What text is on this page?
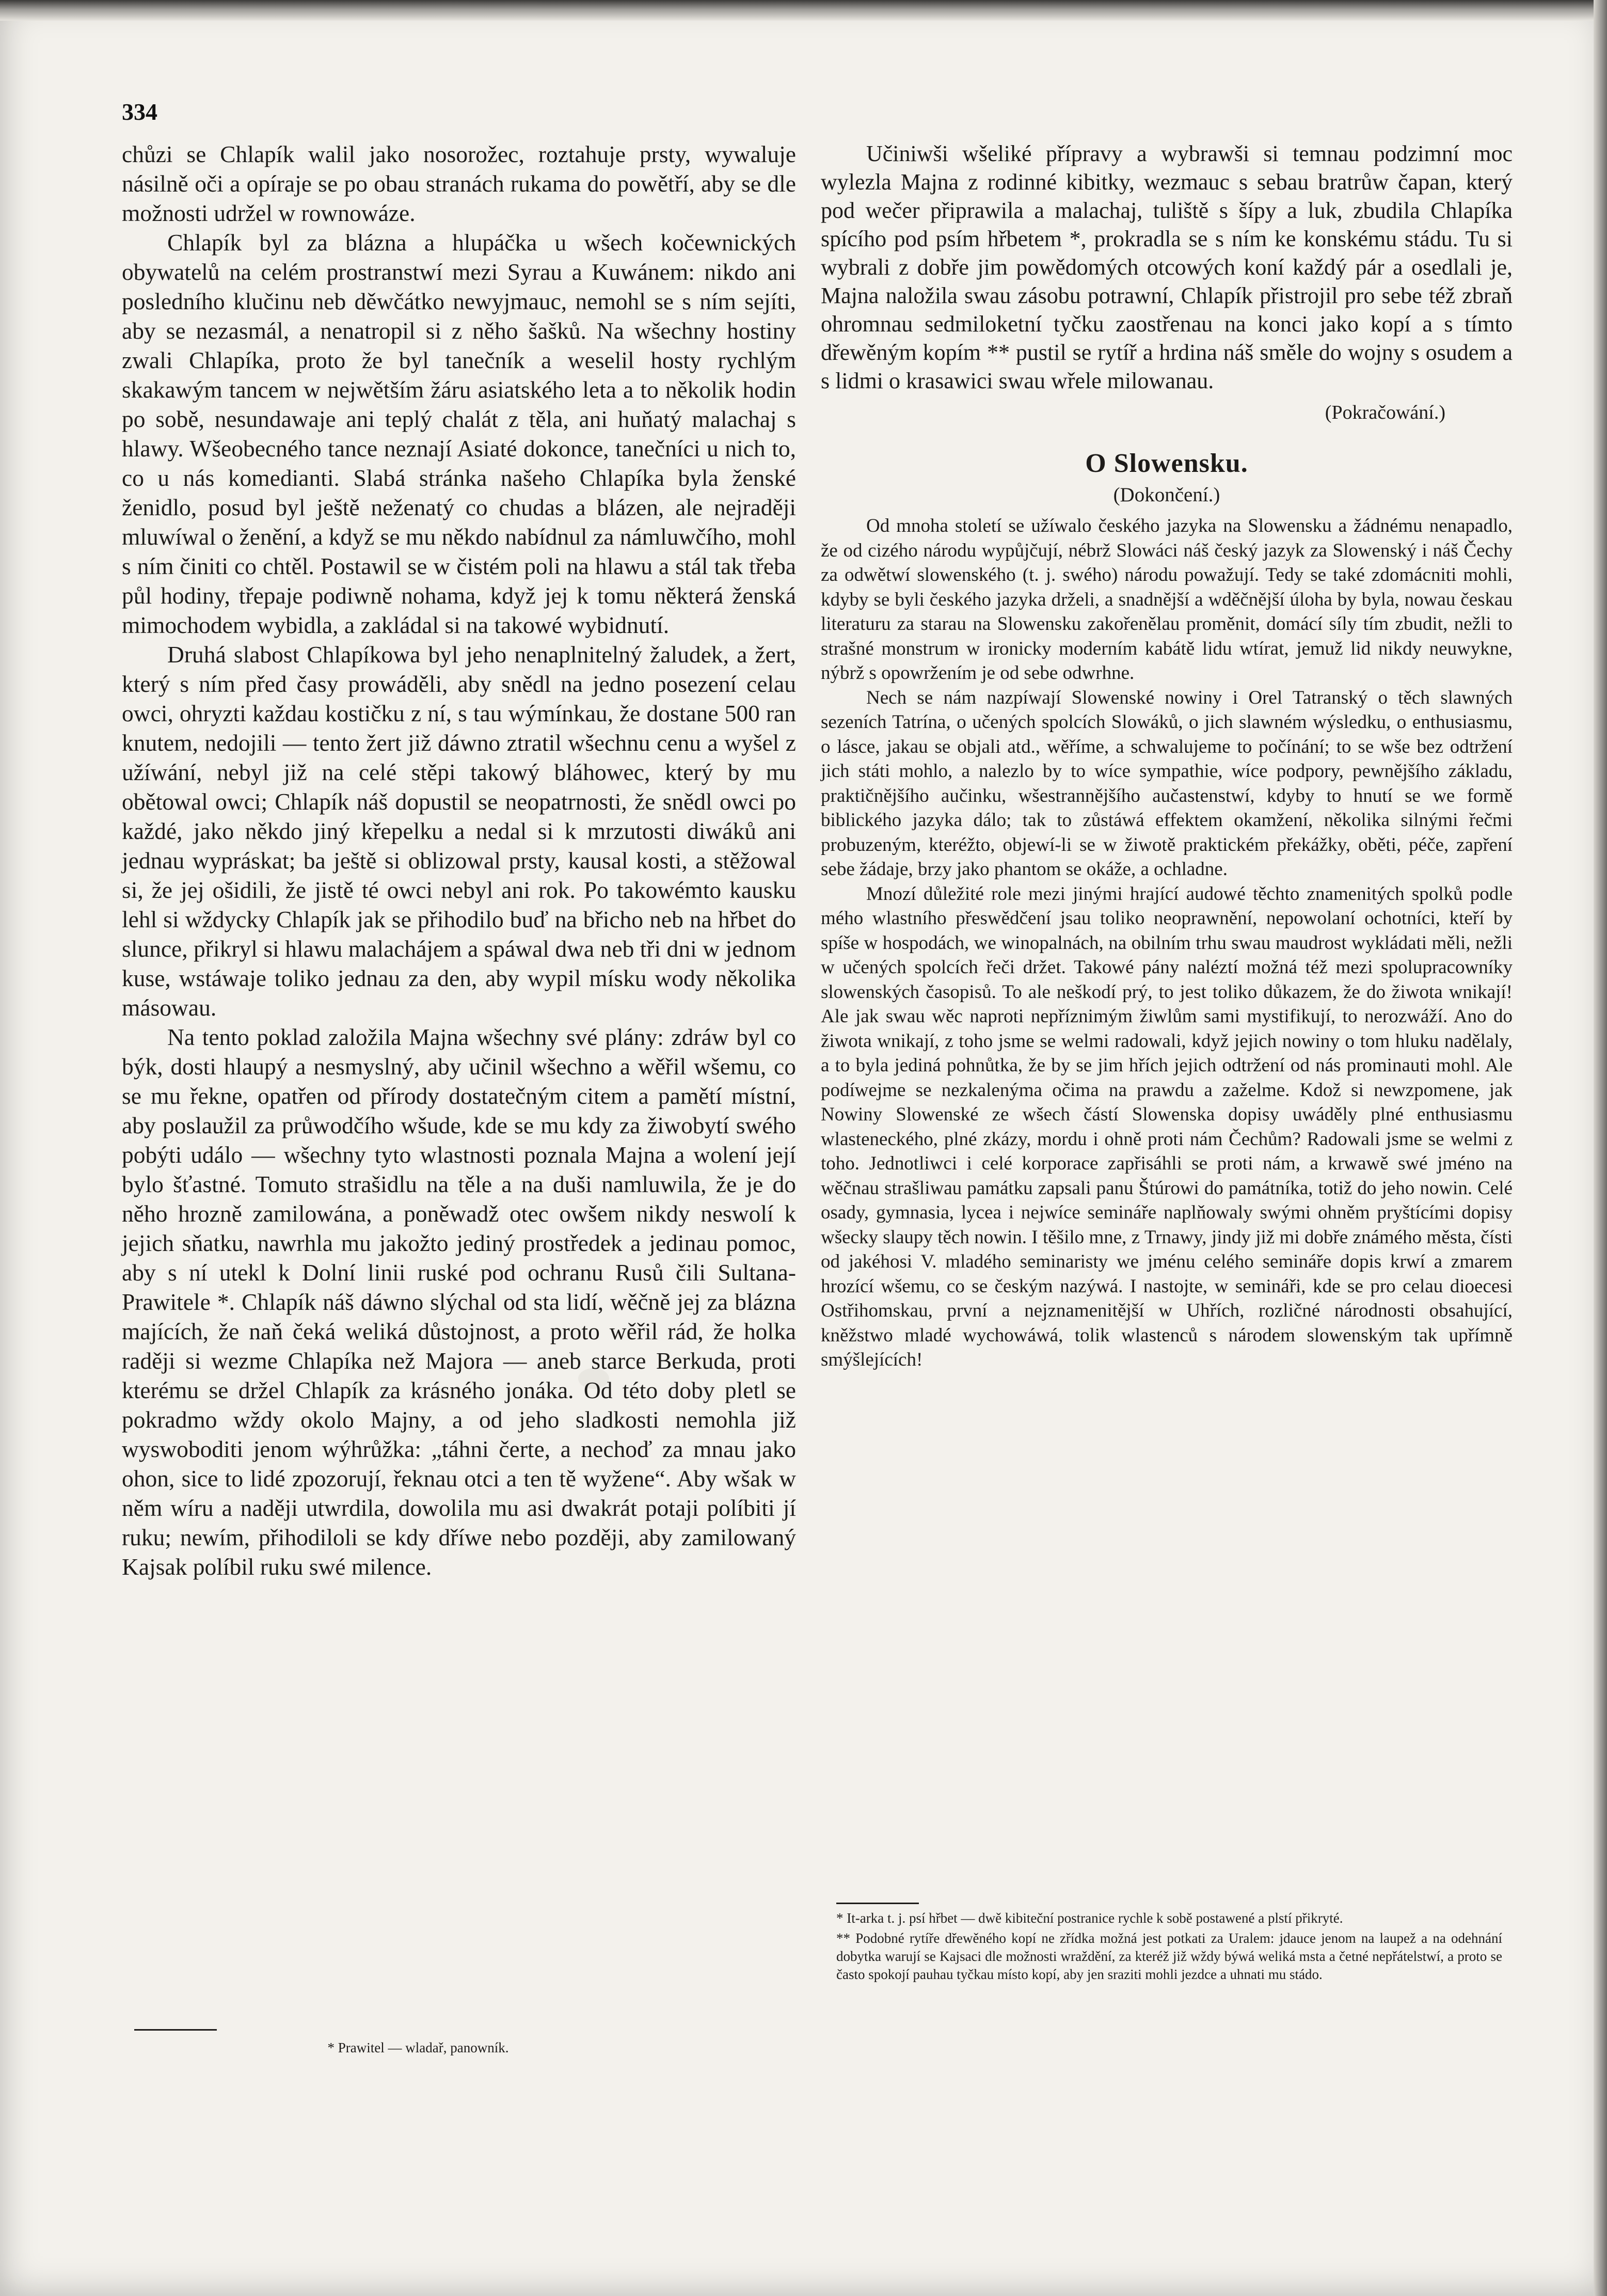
334

chůzi se Chlapík walil jako nosorožec, roztahuje prsty, wywaluje násilně oči a opíraje se po obau stranách rukama do powětří, aby se dle možnosti udržel w rownowáze.

Chlapík byl za blázna a hlupáčka u wšech kočewnických obywatelů na celém prostranstwí mezi Syrau a Kuwánem: nikdo ani posledního klučinu neb děwčátko newyjmauc, nemohl se s ním sejíti, aby se nezasmál, a nenatropil si z něho šašků. Na wšechny hostiny zwali Chlapíka, proto že byl tanečník a weselil hosty rychlým skakawým tancem w nejwětším žáru asiatského leta a to několik hodin po sobě, nesundawaje ani teplý chalát z těla, ani huňatý malachaj s hlawy. Wšeobecného tance neznají Asiaté dokonce, tanečníci u nich to, co u nás komedianti. Slabá stránka našeho Chlapíka byla ženské ženidlo, posud byl ještě neženatý co chudas a blázen, ale nejraději mluwíwal o ženění, a když se mu někdo nabídnul za námluwčího, mohl s ním činiti co chtěl. Postawil se w čistém poli na hlawu a stál tak třeba půl hodiny, třepaje podiwně nohama, když jej k tomu některá ženská mimochodem wybidla, a zakládal si na takowé wybidnutí.

Druhá slabost Chlapíkowa byl jeho nenaplnitelný žaludek, a žert, který s ním před časy prowáděli, aby snědl na jedno posezení celau owci, ohryzti každau kostičku z ní, s tau wýmínkau, že dostane 500 ran knutem, nedojili — tento žert již dáwno ztratil wšechnu cenu a wyšel z užíwání, nebyl již na celé stěpi takowý bláhowec, který by mu obětowal owci; Chlapík náš dopustil se neopatrnosti, že snědl owci po každé, jako někdo jiný křepelku a nedal si k mrzutosti diwáků ani jednau wypráskat; ba ještě si oblizowal prsty, kausal kosti, a stěžowal si, že jej ošidili, že jistě té owci nebyl ani rok. Po takowémto kausku lehl si wždycky Chlapík jak se přihodilo buď na břicho neb na hřbet do slunce, přikryl si hlawu malachájem a spáwal dwa neb tři dni w jednom kuse, wstáwaje toliko jednau za den, aby wypil mísku wody několika másowau.

Na tento poklad založila Majna wšechny své plány: zdráw byl co býk, dosti hlaupý a nesmyslný, aby učinil wšechno a wěřil wšemu, co se mu řekne, opatřen od přírody dostatečným citem a pamětí místní, aby poslaužil za průwodčího wšude, kde se mu kdy za žiwobytí swého pobýti událo — wšechny tyto wlastnosti poznala Majna a wolení její bylo šťastné. Tomuto strašidlu na těle a na duši namluwila, že je do něho hrozně zamilowána, a poněwadž otec owšem nikdy neswolí k jejich sňatku, nawrhla mu jakožto jediný prostředek a jedinau pomoc, aby s ní utekl k Dolní linii ruské pod ochranu Rusů čili Sultana-Prawitele *. Chlapík náš dáwno slýchal od sta lidí, wěčně jej za blázna majících, že naň čeká weliká důstojnost, a proto wěřil rád, že holka raději si wezme Chlapíka než Majora — aneb starce Berkuda, proti kterému se držel Chlapík za krásného jonáka. Od této doby pletl se pokradmo wždy okolo Majny, a od jeho sladkosti nemohla již wyswoboditi jenom wýhrůžka: „táhni čerte, a nechoď za mnau jako ohon, sice to lidé zpozorují, řeknau otci a ten tě wyžene“. Aby wšak w něm wíru a naději utwrdila, dowolila mu asi dwakrát potaji políbiti jí ruku; newím, přihodiloli se kdy dříwe nebo později, aby zamilowaný Kajsak políbil ruku swé milence.

* Prawitel — wladař, panowník.

Učiniwši wšeliké přípravy a wybrawši si temnau podzimní moc wylezla Majna z rodinné kibitky, wezmauc s sebau bratrůw čapan, který pod wečer připrawila a malachaj, tuliště s šípy a luk, zbudila Chlapíka spícího pod psím hřbetem *, prokradla se s ním ke konskému stádu. Tu si wybrali z dobře jim powědomých otcowých koní každý pár a osedlali je, Majna naložila swau zásobu potrawní, Chlapík přistrojil pro sebe též zbraň ohromnau sedmiloketní tyčku zaostřenau na konci jako kopí a s tímto dřewěným kopím ** pustil se rytíř a hrdina náš směle do wojny s osudem a s lidmi o krasawici swau wřele milowanau.

(Pokračowání.)
O Slowensku.
(Dokončení.)

Od mnoha století se užíwalo českého jazyka na Slowensku a žádnému nenapadlo, že od cizého národu wypůjčují, nébrž Slowáci náš český jazyk za Slowenský i náš Čechy za odwětwí slowenského (t. j. swého) národu powažují. Tedy se také zdomácniti mohli, kdyby se byli českého jazyka drželi, a snadnější a wděčnější úloha by byla, nowau českau literaturu za starau na Slowensku zakořenělau proměnit, domácí síly tím zbudit, nežli to strašné monstrum w ironicky moderním kabátě lidu wtírat, jemuž lid nikdy neuwykne, nýbrž s opowržením je od sebe odwrhne.

Nech se nám nazpíwají Slowenské nowiny i Orel Tatranský o těch slawných sezeních Tatrína, o učených spolcích Slowáků, o jich slawném wýsledku, o enthusiasmu, o lásce, jakau se objali atd., wěříme, a schwalujeme to počínání; to se wše bez odtržení jich státi mohlo, a nalezlo by to wíce sympathie, wíce podpory, pewnějšího základu, praktičnějšího aučinku, wšestrannějšího aučastenstwí, kdyby to hnutí se we formě biblického jazyka dálo; tak to zůstáwá effektem okamžení, několika silnými řečmi probuzeným, kteréžto, objewí-li se w žiwotě praktickém překážky, oběti, péče, zapření sebe žádaje, brzy jako phantom se okáže, a ochladne.

Mnozí důležité role mezi jinými hrající audowé těchto znamenitých spolků podle mého wlastního přeswědčení jsau toliko neoprawnění, nepowolaní ochotníci, kteří by spíše w hospodách, we winopalnách, na obilním trhu swau maudrost wykládati měli, nežli w učených spolcích řeči držet. Takowé pány naléztí možná též mezi spolupracowníky slowenských časopisů. To ale neškodí prý, to jest toliko důkazem, že do žiwota wnikají! Ale jak swau wěc naproti nepříznimým žiwlům sami mystifikují, to nerozwáží. Ano do žiwota wnikají, z toho jsme se welmi radowali, když jejich nowiny o tom hluku nadělaly, a to byla jediná pohnůtka, že by se jim hřích jejich odtržení od nás prominauti mohl. Ale podíwejme se nezkalenýma očima na prawdu a zaželme. Kdož si newzpomene, jak Nowiny Slowenské ze wšech částí Slowenska dopisy uwáděly plné enthusiasmu wlasteneckého, plné zkázy, mordu i ohně proti nám Čechům? Radowali jsme se welmi z toho. Jednotliwci i celé korporace zapřisáhli se proti nám, a krwawě swé jméno na wěčnau strašliwau památku zapsali panu Štúrowi do památníka, totiž do jeho nowin. Celé osady, gymnasia, lycea i nejwíce semináře naplňowaly swými ohněm pryštícími dopisy wšecky slaupy těch nowin. I těšilo mne, z Trnawy, jindy již mi dobře známého města, čísti od jakéhosi V. mladého seminaristy we jménu celého semináře dopis krwí a zmarem hrozící wšemu, co se českým nazýwá. I nastojte, w semináři, kde se pro celau dioecesi Ostřihomskau, první a nejznamenitější w Uhřích, rozličné národnosti obsahující, kněžstwo mladé wychowáwá, tolik wlastenců s národem slowenským tak upřímně smýšlejících!

* It-arka t. j. psí hřbet — dwě kibiteční postranice rychle k sobě postawené a plstí přikryté.

** Podobné rytíře dřewěného kopí ne zřídka možná jest potkati za Uralem: jdauce jenom na laupež a na odehnání dobytka warují se Kajsaci dle možnosti wraždění, za kteréž již wždy býwá weliká msta a četné nepřátelstwí, a proto se často spokojí pauhau tyčkau místo kopí, aby jen sraziti mohli jezdce a uhnati mu stádo.
